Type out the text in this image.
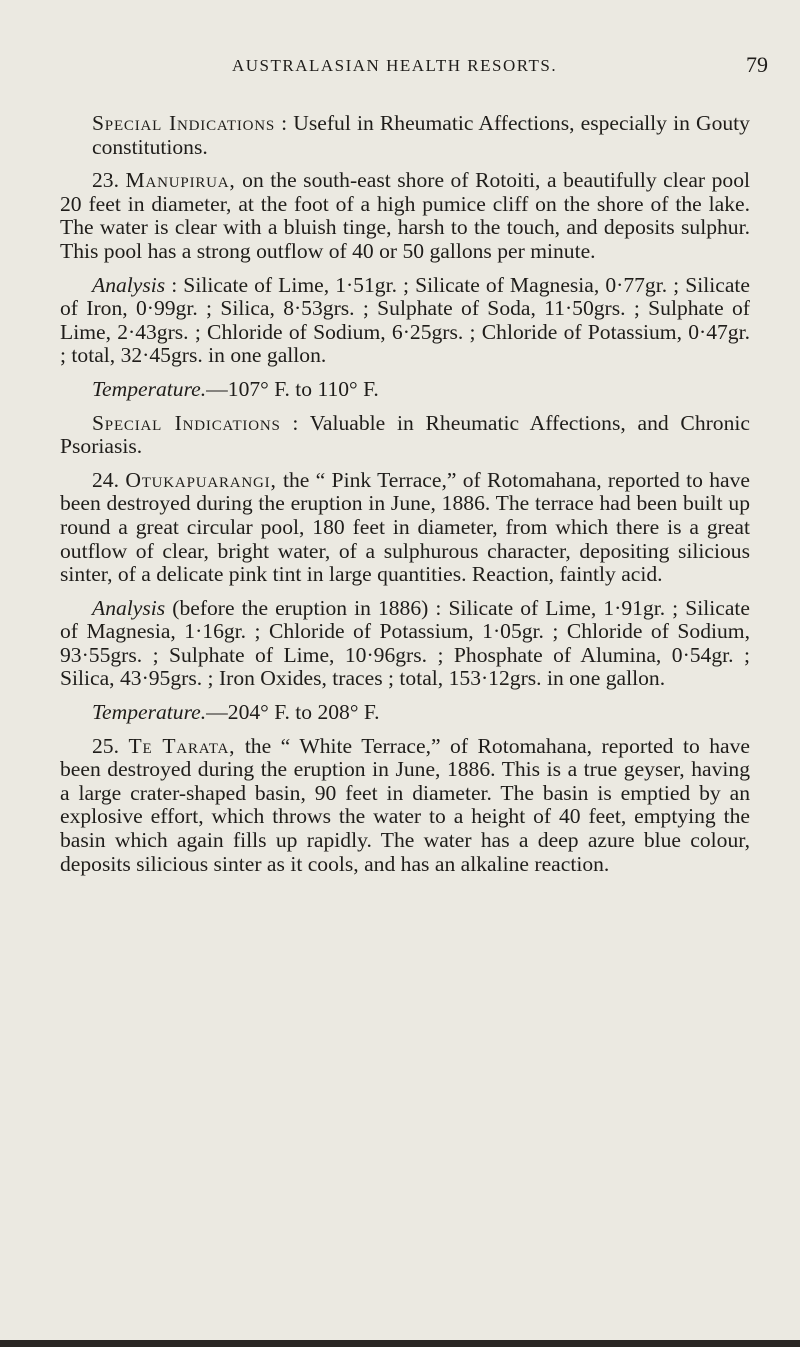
AUSTRALASIAN HEALTH RESORTS.	79

Special Indications : Useful in Rheumatic Affections, especially in Gouty constitutions.

23. Manupirua, on the south-east shore of Rotoiti, a beautifully clear pool 20 feet in diameter, at the foot of a high pumice cliff on the shore of the lake. The water is clear with a bluish tinge, harsh to the touch, and deposits sulphur. This pool has a strong outflow of 40 or 50 gallons per minute.

Analysis : Silicate of Lime, 1·51gr. ; Silicate of Magnesia, 0·77gr. ; Silicate of Iron, 0·99gr. ; Silica, 8·53grs. ; Sulphate of Soda, 11·50grs. ; Sulphate of Lime, 2·43grs. ; Chloride of Sodium, 6·25grs. ; Chloride of Potassium, 0·47gr. ; total, 32·45grs. in one gallon.

Temperature.—107° F. to 110° F.

Special Indications : Valuable in Rheumatic Affections, and Chronic Psoriasis.

24. Otukapuarangi, the “ Pink Terrace,” of Rotomahana, reported to have been destroyed during the eruption in June, 1886. The terrace had been built up round a great circular pool, 180 feet in diameter, from which there is a great outflow of clear, bright water, of a sulphurous character, depositing silicious sinter, of a delicate pink tint in large quantities. Reaction, faintly acid.

Analysis (before the eruption in 1886) : Silicate of Lime, 1·91gr. ; Silicate of Magnesia, 1·16gr. ; Chloride of Potassium, 1·05gr. ; Chloride of Sodium, 93·55grs. ; Sulphate of Lime, 10·96grs. ; Phosphate of Alumina, 0·54gr. ; Silica, 43·95grs. ; Iron Oxides, traces ; total, 153·12grs. in one gallon.

Temperature.—204° F. to 208° F.

25. Te Tarata, the “ White Terrace,” of Rotomahana, reported to have been destroyed during the eruption in June, 1886. This is a true geyser, having a large crater-shaped basin, 90 feet in diameter. The basin is emptied by an explosive effort, which throws the water to a height of 40 feet, emptying the basin which again fills up rapidly. The water has a deep azure blue colour, deposits silicious sinter as it cools, and has an alkaline reaction.
